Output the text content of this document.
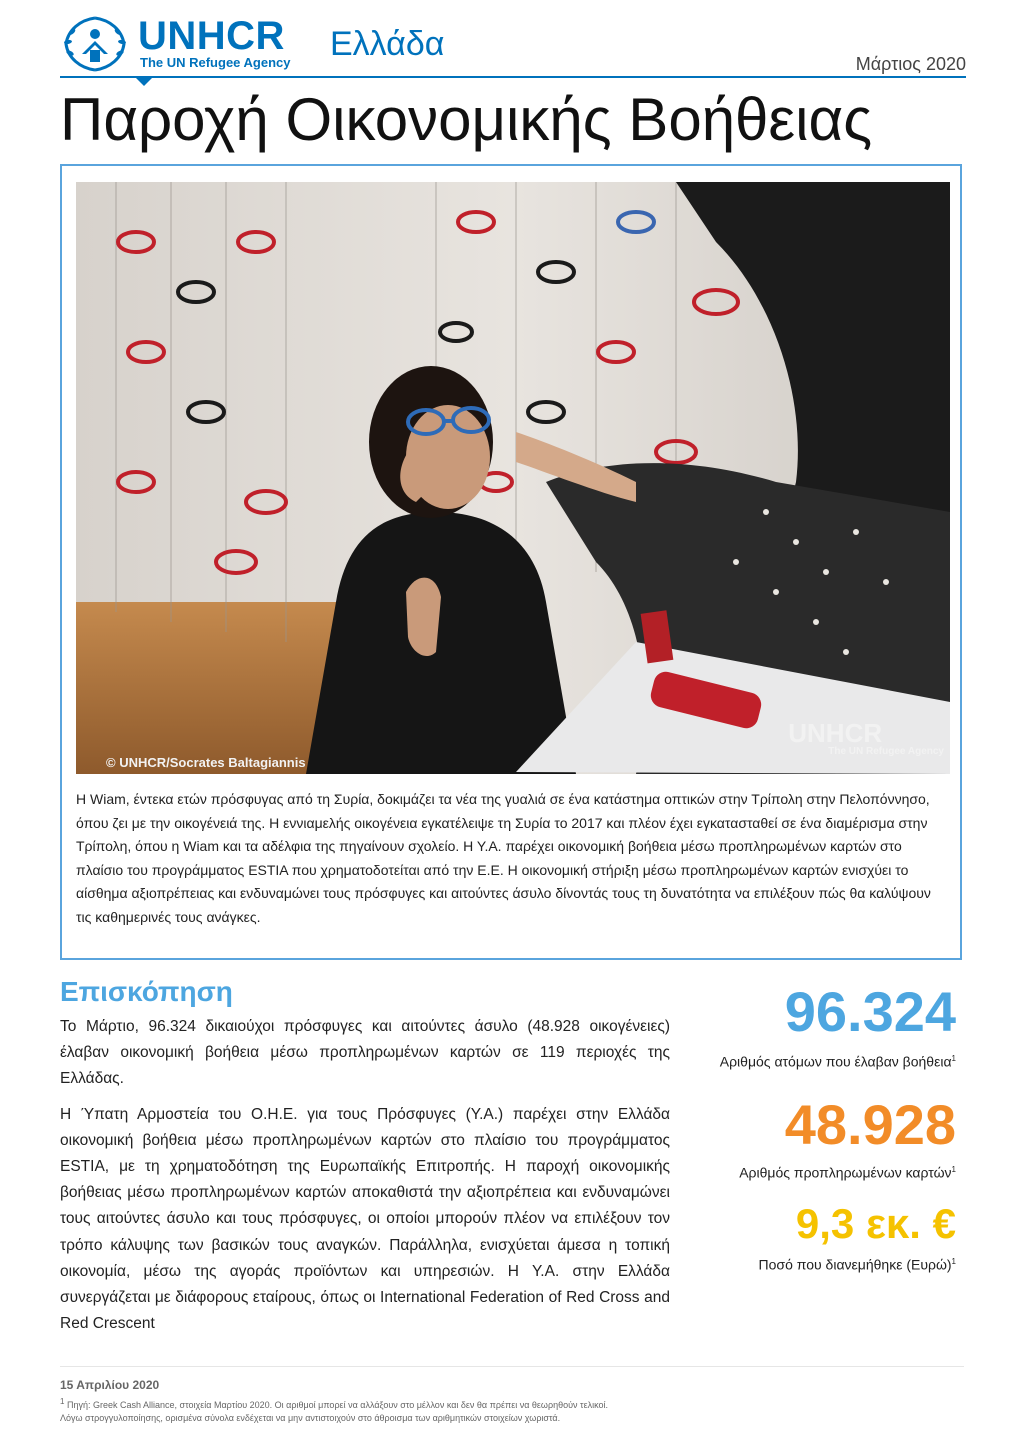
UNHCR
The UN Refugee Agency Ελλάδα
Μάρτιος 2020
Παροχή Οικονομικής Βοήθειας
© UNHCR/Socrates Baltagiannis
UNHCR
The UN Refugee Agency
Η Wiam, έντεκα ετών πρόσφυγας από τη Συρία, δοκιμάζει τα νέα της γυαλιά σε ένα κατάστημα οπτικών στην Τρίπολη στην Πελοπόννησο, όπου ζει με την οικογένειά της. Η εννιαμελής οικογένεια εγκατέλειψε τη Συρία το 2017 και πλέον έχει εγκατασταθεί σε ένα διαμέρισμα στην Τρίπολη, όπου η Wiam και τα αδέλφια της πηγαίνουν σχολείο. Η Υ.Α. παρέχει οικονομική βοήθεια μέσω προπληρωμένων καρτών στο πλαίσιο του προγράμματος ESTIA που χρηματοδοτείται από την Ε.Ε. Η οικονομική στήριξη μέσω προπληρωμένων καρτών ενισχύει το αίσθημα αξιοπρέπειας και ενδυναμώνει τους πρόσφυγες και αιτούντες άσυλο δίνοντάς τους τη δυνατότητα να επιλέξουν πώς θα καλύψουν τις καθημερινές τους ανάγκες.
Επισκόπηση

Το Μάρτιο, 96.324 δικαιούχοι πρόσφυγες και αιτούντες άσυλο (48.928 οικογένειες) έλαβαν οικονομική βοήθεια μέσω προπληρωμένων καρτών σε 119 περιοχές της Ελλάδας.

Η Ύπατη Αρμοστεία του Ο.Η.Ε. για τους Πρόσφυγες (Υ.Α.) παρέχει στην Ελλάδα οικονομική βοήθεια μέσω προπληρωμένων καρτών στο πλαίσιο του προγράμματος ESTIA, με τη χρηματοδότηση της Ευρωπαϊκής Επιτροπής. Η παροχή οικονομικής βοήθειας μέσω προπληρωμένων καρτών αποκαθιστά την αξιοπρέπεια και ενδυναμώνει τους αιτούντες άσυλο και τους πρόσφυγες, οι οποίοι μπορούν πλέον να επιλέξουν τον τρόπο κάλυψης των βασικών τους αναγκών. Παράλληλα, ενισχύεται άμεσα η τοπική οικονομία, μέσω της αγοράς προϊόντων και υπηρεσιών. Η Υ.Α. στην Ελλάδα συνεργάζεται με διάφορους εταίρους, όπως οι International Federation of Red Cross and Red Crescent

96.324
Αριθμός ατόμων που έλαβαν βοήθεια$^1$
48.928
Αριθμός προπληρωμένων καρτών$^1$
9,3 εκ. €
Ποσό που διανεμήθηκε $(E\upsilon\rho ώ)^1$
15 Απριλίου 2020
1 Πηγή: Greek Cash Alliance, στοιχεία Μαρτίου 2020. Οι αριθμοί μπορεί να αλλάξουν στο μέλλον και δεν θα πρέπει να θεωρηθούν τελικοί.
Λόγω στρογγυλοποίησης, ορισμένα σύνολα ενδέχεται να μην αντιστοιχούν στο άθροισμα των αριθμητικών στοιχείων χωριστά.
